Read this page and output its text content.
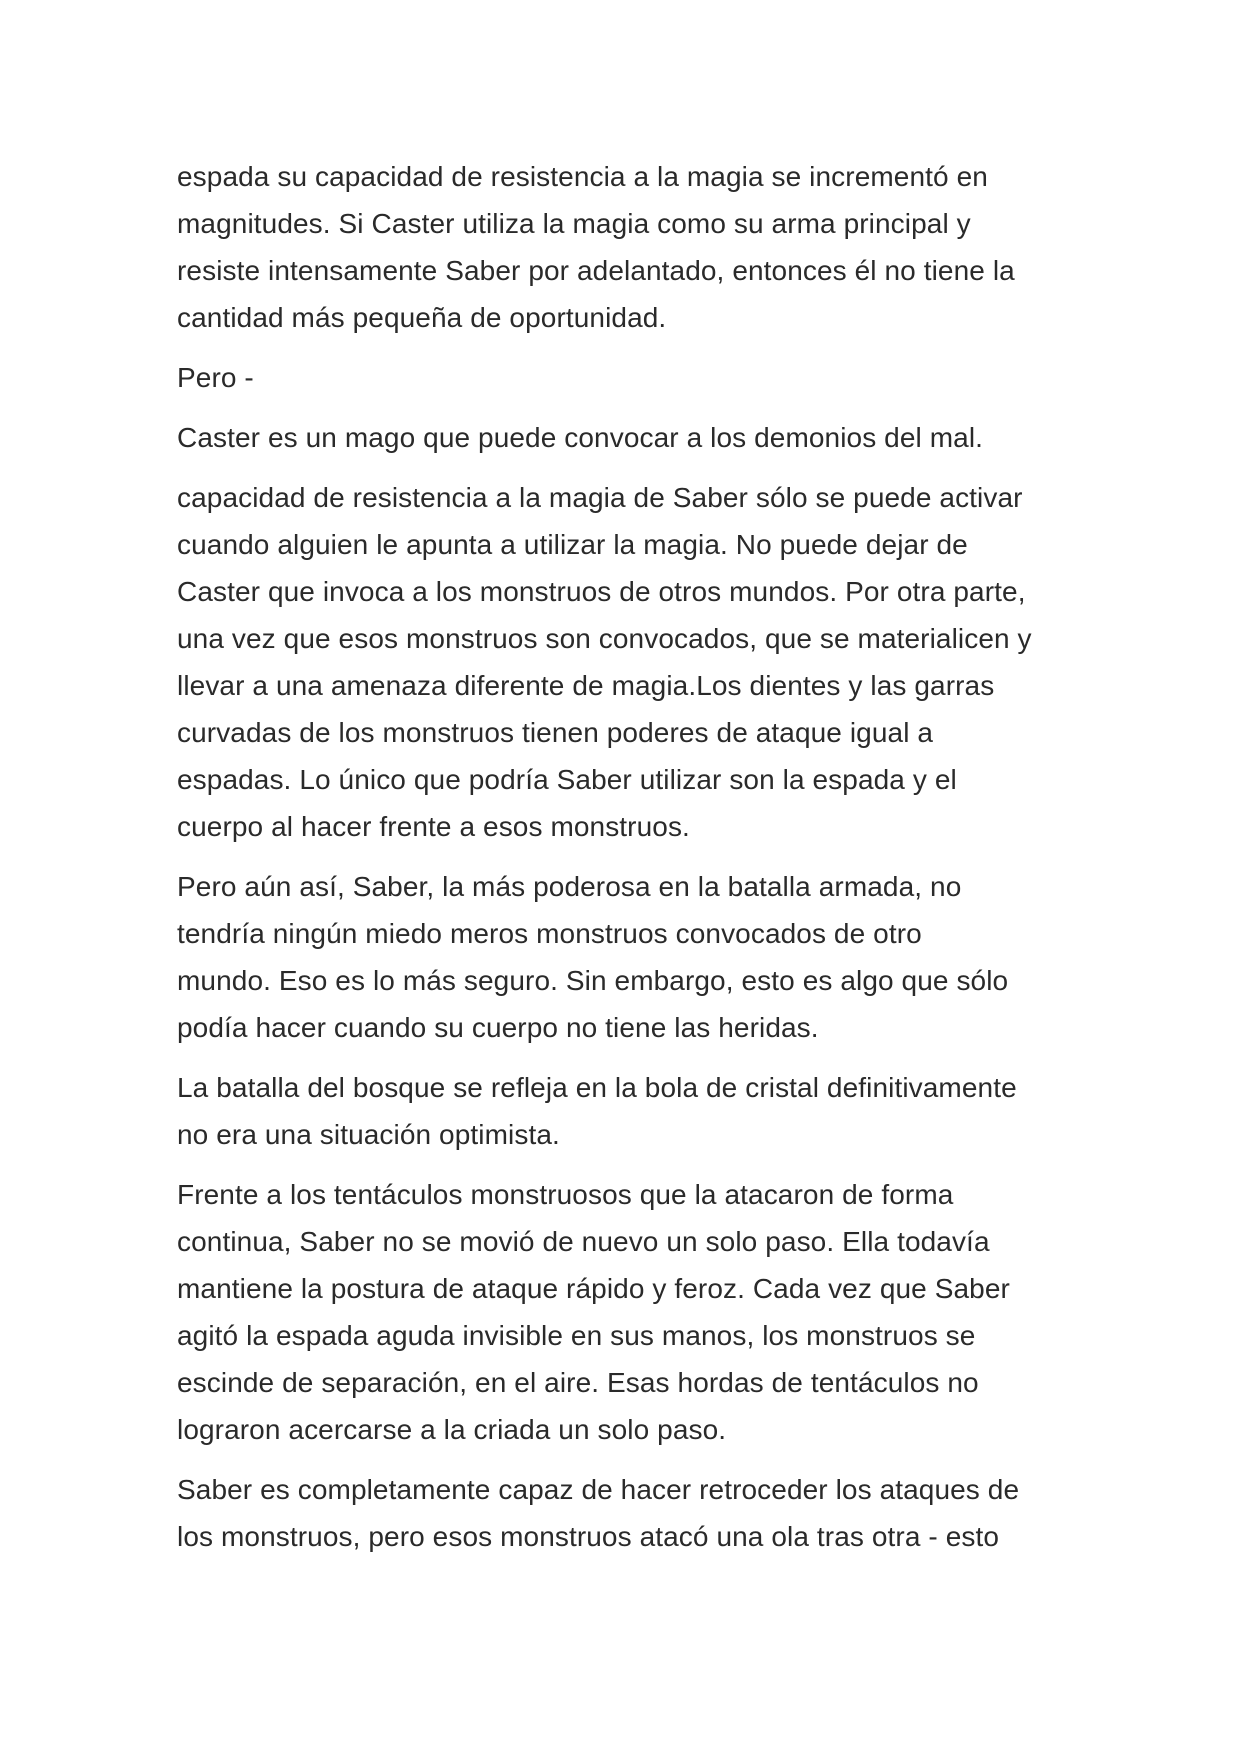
espada su capacidad de resistencia a la magia se incrementó en
magnitudes. Si Caster utiliza la magia como su arma principal y
resiste intensamente Saber por adelantado, entonces él no tiene la
cantidad más pequeña de oportunidad.
Pero -
Caster es un mago que puede convocar a los demonios del mal.
capacidad de resistencia a la magia de Saber sólo se puede activar
cuando alguien le apunta a utilizar la magia. No puede dejar de
Caster que invoca a los monstruos de otros mundos. Por otra parte,
una vez que esos monstruos son convocados, que se materialicen y
llevar a una amenaza diferente de magia.Los dientes y las garras
curvadas de los monstruos tienen poderes de ataque igual a
espadas. Lo único que podría Saber utilizar son la espada y el
cuerpo al hacer frente a esos monstruos.
Pero aún así, Saber, la más poderosa en la batalla armada, no
tendría ningún miedo meros monstruos convocados de otro
mundo. Eso es lo más seguro. Sin embargo, esto es algo que sólo
podía hacer cuando su cuerpo no tiene las heridas.
La batalla del bosque se refleja en la bola de cristal definitivamente
no era una situación optimista.
Frente a los tentáculos monstruosos que la atacaron de forma
continua, Saber no se movió de nuevo un solo paso. Ella todavía
mantiene la postura de ataque rápido y feroz. Cada vez que Saber
agitó la espada aguda invisible en sus manos, los monstruos se
escinde de separación, en el aire. Esas hordas de tentáculos no
lograron acercarse a la criada un solo paso.
Saber es completamente capaz de hacer retroceder los ataques de
los monstruos, pero esos monstruos atacó una ola tras otra - esto
